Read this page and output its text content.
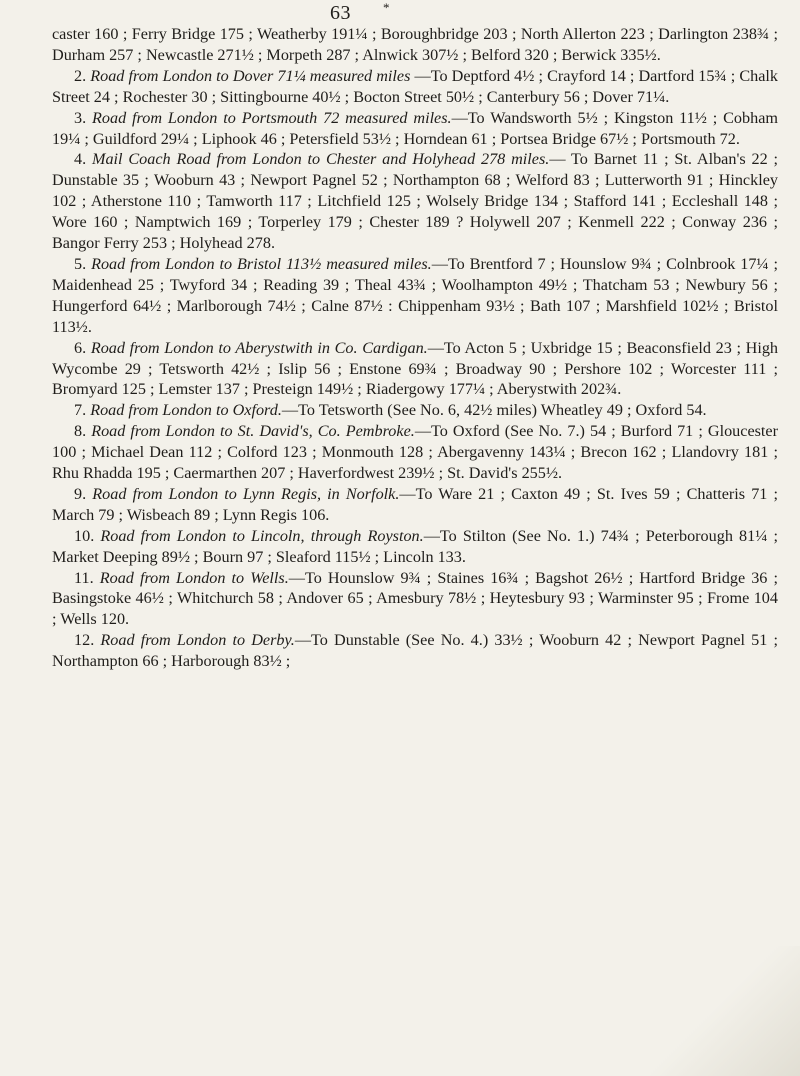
63 *

caster 160 ; Ferry Bridge 175 ; Weatherby 191¼ ; Boroughbridge 203 ; North Allerton 223 ; Darlington 238¾ ; Durham 257 ; Newcastle 271½ ; Morpeth 287 ; Alnwick 307½ ; Belford 320 ; Berwick 335½.

2. Road from London to Dover 71¼ measured miles —To Deptford 4½ ; Crayford 14 ; Dartford 15¾ ; Chalk Street 24 ; Rochester 30 ; Sittingbourne 40½ ; Bocton Street 50½ ; Canterbury 56 ; Dover 71¼.

3. Road from London to Portsmouth 72 measured miles.—To Wandsworth 5½ ; Kingston 11½ ; Cobham 19¼ ; Guildford 29¼ ; Liphook 46 ; Petersfield 53½ ; Horndean 61 ; Portsea Bridge 67½ ; Portsmouth 72.

4. Mail Coach Road from London to Chester and Holyhead 278 miles.— To Barnet 11 ; St. Alban's 22 ; Dunstable 35 ; Wooburn 43 ; Newport Pagnel 52 ; Northampton 68 ; Welford 83 ; Lutterworth 91 ; Hinckley 102 ; Atherstone 110 ; Tamworth 117 ; Litchfield 125 ; Wolsely Bridge 134 ; Stafford 141 ; Eccleshall 148 ; Wore 160 ; Namptwich 169 ; Torperley 179 ; Chester 189 ? Holywell 207 ; Kenmell 222 ; Conway 236 ; Bangor Ferry 253 ; Holyhead 278.

5. Road from London to Bristol 113½ measured miles.—To Brentford 7 ; Hounslow 9¾ ; Colnbrook 17¼ ; Maidenhead 25 ; Twyford 34 ; Reading 39 ; Theal 43¾ ; Woolhampton 49½ ; Thatcham 53 ; Newbury 56 ; Hungerford 64½ ; Marlborough 74½ ; Calne 87½ : Chippenham 93½ ; Bath 107 ; Marshfield 102½ ; Bristol 113½.

6. Road from London to Aberystwith in Co. Cardigan.—To Acton 5 ; Uxbridge 15 ; Beaconsfield 23 ; High Wycombe 29 ; Tetsworth 42½ ; Islip 56 ; Enstone 69¾ ; Broadway 90 ; Pershore 102 ; Worcester 111 ; Bromyard 125 ; Lemster 137 ; Presteign 149½ ; Riadergowy 177¼ ; Aberystwith 202¾.

7. Road from London to Oxford.—To Tetsworth (See No. 6, 42½ miles) Wheatley 49 ; Oxford 54.

8. Road from London to St. David's, Co. Pembroke.—To Oxford (See No. 7.) 54 ; Burford 71 ; Gloucester 100 ; Michael Dean 112 ; Colford 123 ; Monmouth 128 ; Abergavenny 143¼ ; Brecon 162 ; Llandovry 181 ; Rhu Rhadda 195 ; Caermarthen 207 ; Haverfordwest 239½ ; St. David's 255½.

9. Road from London to Lynn Regis, in Norfolk.—To Ware 21 ; Caxton 49 ; St. Ives 59 ; Chatteris 71 ; March 79 ; Wisbeach 89 ; Lynn Regis 106.

10. Road from London to Lincoln, through Royston.—To Stilton (See No. 1.) 74¾ ; Peterborough 81¼ ; Market Deeping 89½ ; Bourn 97 ; Sleaford 115½ ; Lincoln 133.

11. Road from London to Wells.—To Hounslow 9¾ ; Staines 16¾ ; Bagshot 26½ ; Hartford Bridge 36 ; Basingstoke 46½ ; Whitchurch 58 ; Andover 65 ; Amesbury 78½ ; Heytesbury 93 ; Warminster 95 ; Frome 104 ; Wells 120.

12. Road from London to Derby.—To Dunstable (See No. 4.) 33½ ; Wooburn 42 ; Newport Pagnel 51 ; Northampton 66 ; Harborough 83½ ;
